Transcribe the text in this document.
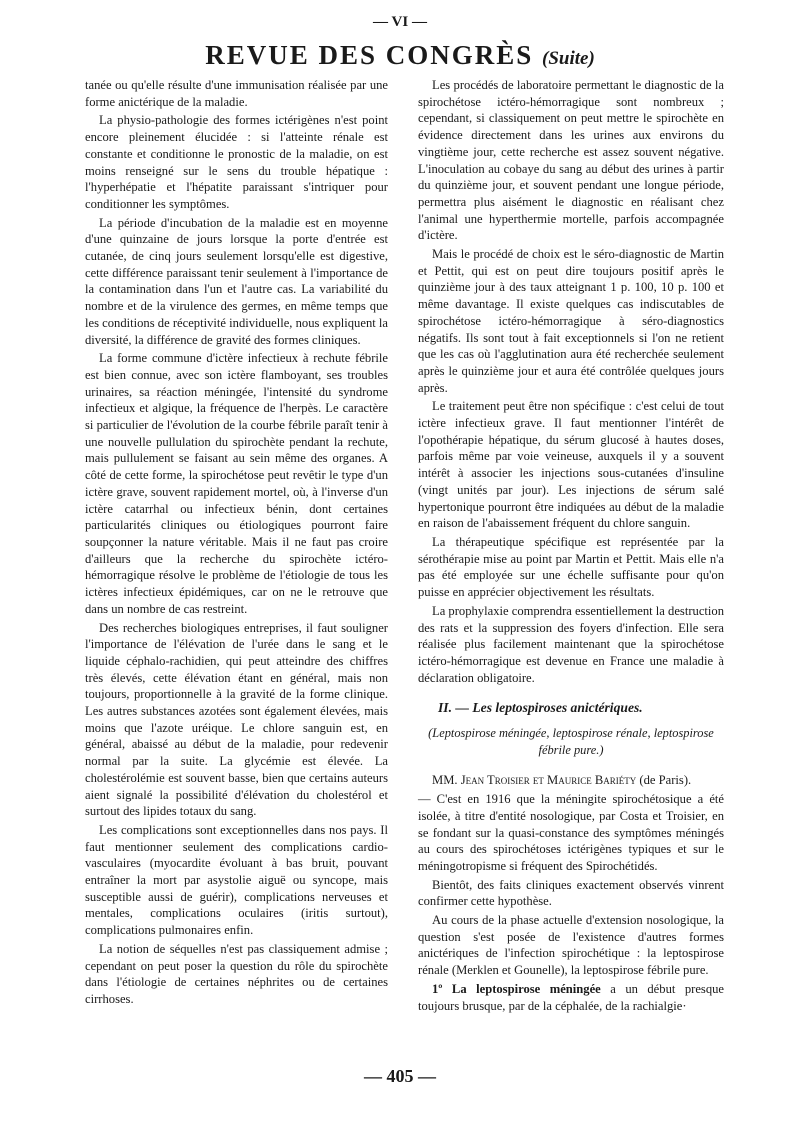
— VI —
REVUE DES CONGRÈS (Suite)

tanée ou qu'elle résulte d'une immunisation réalisée par une forme anictérique de la maladie.

La physio-pathologie des formes ictérigènes n'est point encore pleinement élucidée : si l'atteinte rénale est constante et conditionne le pronostic de la maladie, on est moins renseigné sur le sens du trouble hépatique : l'hyperhépatie et l'hépatite paraissant s'intriquer pour conditionner les symptômes.

La période d'incubation de la maladie est en moyenne d'une quinzaine de jours lorsque la porte d'entrée est cutanée, de cinq jours seulement lorsqu'elle est digestive, cette différence paraissant tenir seulement à l'importance de la contamination dans l'un et l'autre cas. La variabilité du nombre et de la virulence des germes, en même temps que les conditions de réceptivité individuelle, nous expliquent la diversité, la différence de gravité des formes cliniques.

La forme commune d'ictère infectieux à rechute fébrile est bien connue, avec son ictère flamboyant, ses troubles urinaires, sa réaction méningée, l'intensité du syndrome infectieux et algique, la fréquence de l'herpès. Le caractère si particulier de l'évolution de la courbe fébrile paraît tenir à une nouvelle pullulation du spirochète pendant la rechute, mais pullulement se faisant au sein même des organes. A côté de cette forme, la spirochétose peut revêtir le type d'un ictère grave, souvent rapidement mortel, où, à l'inverse d'un ictère catarrhal ou infectieux bénin, dont certaines particularités cliniques ou étiologiques pourront faire soupçonner la nature véritable. Mais il ne faut pas croire d'ailleurs que la recherche du spirochète ictéro-hémorragique résolve le problème de l'étiologie de tous les ictères infectieux épidémiques, car on ne le retrouve que dans un nombre de cas restreint.

Des recherches biologiques entreprises, il faut souligner l'importance de l'élévation de l'urée dans le sang et le liquide céphalo-rachidien, qui peut atteindre des chiffres très élevés, cette élévation étant en général, mais non toujours, proportionnelle à la gravité de la forme clinique. Les autres substances azotées sont également élevées, mais moins que l'azote uréique. Le chlore sanguin est, en général, abaissé au début de la maladie, pour redevenir normal par la suite. La glycémie est élevée. La cholestérolémie est souvent basse, bien que certains auteurs aient signalé la possibilité d'élévation du cholestérol et surtout des lipides totaux du sang.

Les complications sont exceptionnelles dans nos pays. Il faut mentionner seulement des complications cardio-vasculaires (myocardite évoluant à bas bruit, pouvant entraîner la mort par asystolie aiguë ou syncope, mais susceptible aussi de guérir), complications nerveuses et mentales, complications oculaires (iritis surtout), complications pulmonaires enfin.

La notion de séquelles n'est pas classiquement admise ; cependant on peut poser la question du rôle du spirochète dans l'étiologie de certaines néphrites ou de certaines cirrhoses.

Les procédés de laboratoire permettant le diagnostic de la spirochétose ictéro-hémorragique sont nombreux ; cependant, si classiquement on peut mettre le spirochète en évidence directement dans les urines aux environs du vingtième jour, cette recherche est assez souvent négative. L'inoculation au cobaye du sang au début des urines à partir du quinzième jour, et souvent pendant une longue période, permettra plus aisément le diagnostic en réalisant chez l'animal une hyperthermie mortelle, parfois accompagnée d'ictère.

Mais le procédé de choix est le séro-diagnostic de Martin et Pettit, qui est on peut dire toujours positif après le quinzième jour à des taux atteignant 1 p. 100, 10 p. 100 et même davantage. Il existe quelques cas indiscutables de spirochétose ictéro-hémorragique à séro-diagnostics négatifs. Ils sont tout à fait exceptionnels si l'on ne retient que les cas où l'agglutination aura été recherchée seulement après le quinzième jour et aura été contrôlée quelques jours après.

Le traitement peut être non spécifique : c'est celui de tout ictère infectieux grave. Il faut mentionner l'intérêt de l'opothérapie hépatique, du sérum glucosé à hautes doses, parfois même par voie veineuse, auxquels il y a souvent intérêt à associer les injections sous-cutanées d'insuline (vingt unités par jour). Les injections de sérum salé hypertonique pourront être indiquées au début de la maladie en raison de l'abaissement fréquent du chlore sanguin.

La thérapeutique spécifique est représentée par la sérothérapie mise au point par Martin et Pettit. Mais elle n'a pas été employée sur une échelle suffisante pour qu'on puisse en apprécier objectivement les résultats.

La prophylaxie comprendra essentiellement la destruction des rats et la suppression des foyers d'infection. Elle sera réalisée plus facilement maintenant que la spirochétose ictéro-hémorragique est devenue en France une maladie à déclaration obligatoire.

II. — Les leptospiroses anictériques.

(Leptospirose méningée, leptospirose rénale, leptospirose fébrile pure.)

MM. Jean Troisier et Maurice Bariéty (de Paris).

— C'est en 1916 que la méningite spirochétosique a été isolée, à titre d'entité nosologique, par Costa et Troisier, en se fondant sur la quasi-constance des symptômes méningés au cours des spirochétoses ictérigènes typiques et sur le méningotropisme si fréquent des Spirochétidés.

Bientôt, des faits cliniques exactement observés vinrent confirmer cette hypothèse.

Au cours de la phase actuelle d'extension nosologique, la question s'est posée de l'existence d'autres formes anictériques de l'infection spirochétique : la leptospirose rénale (Merklen et Gounelle), la leptospirose fébrile pure.

1º La leptospirose méningée a un début presque toujours brusque, par de la céphalée, de la rachialgie·

— 405 —
